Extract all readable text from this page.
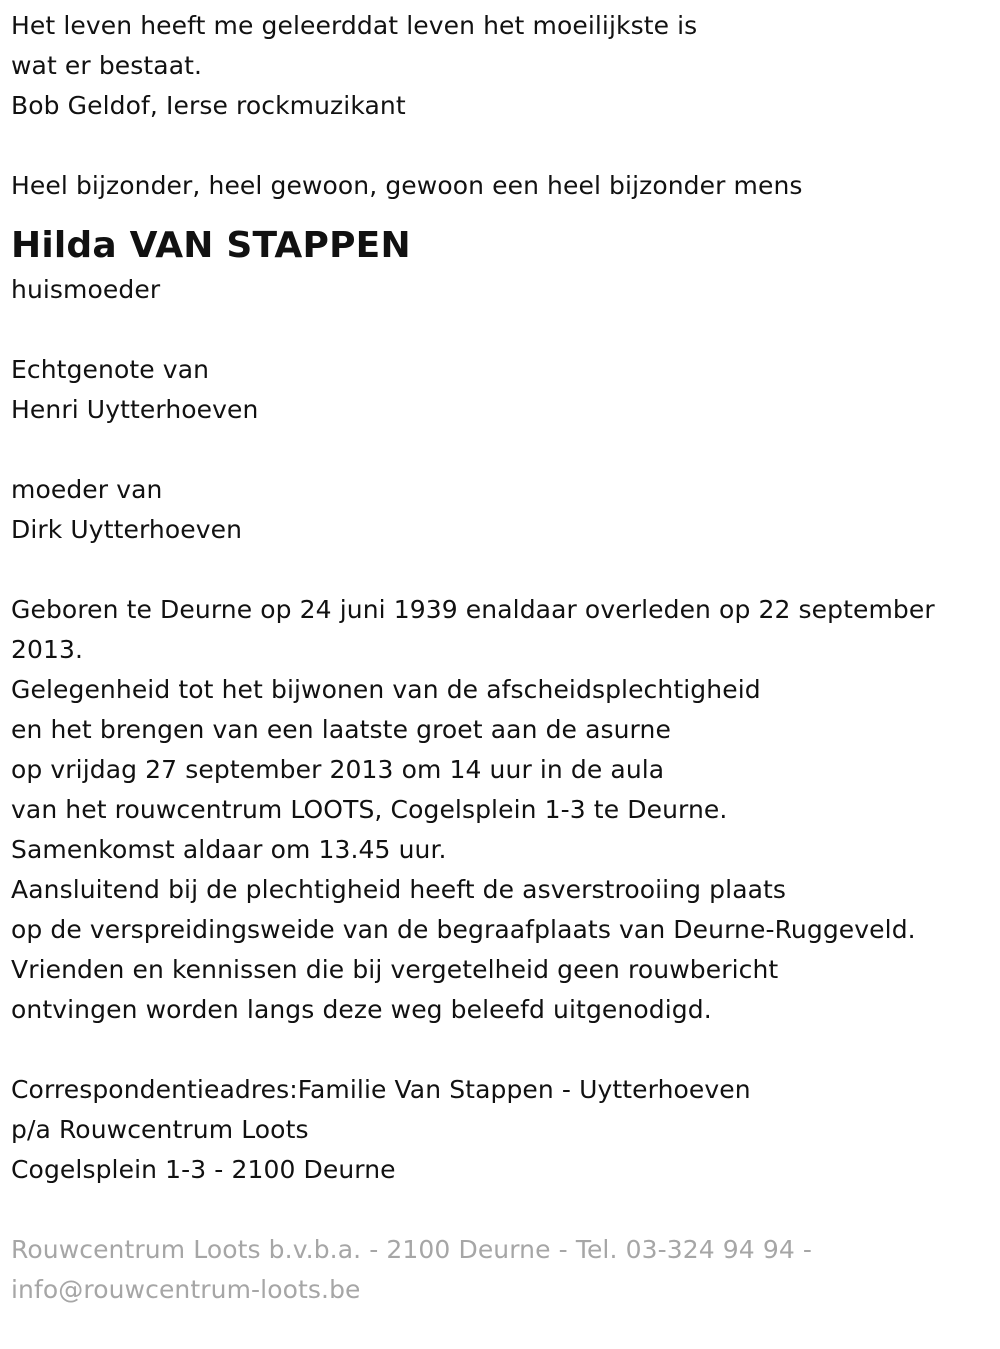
Het leven heeft me geleerddat leven het moeilijkste is
wat er bestaat.
Bob Geldof, Ierse rockmuzikant
Heel bijzonder, heel gewoon, gewoon een heel bijzonder mens
Hilda VAN STAPPEN
huismoeder
Echtgenote van
Henri Uytterhoeven
moeder van
Dirk Uytterhoeven
Geboren te Deurne op 24 juni 1939 enaldaar overleden op 22 september
2013.
Gelegenheid tot het bijwonen van de afscheidsplechtigheid
en het brengen van een laatste groet aan de asurne
op vrijdag 27 september 2013 om 14 uur in de aula
van het rouwcentrum LOOTS, Cogelsplein 1-3 te Deurne.
Samenkomst aldaar om 13.45 uur.
Aansluitend bij de plechtigheid heeft de asverstrooiing plaats
op de verspreidingsweide van de begraafplaats van Deurne-Ruggeveld.
Vrienden en kennissen die bij vergetelheid geen rouwbericht
ontvingen worden langs deze weg beleefd uitgenodigd.
Correspondentieadres:Familie Van Stappen - Uytterhoeven
p/a Rouwcentrum Loots
Cogelsplein 1-3 - 2100 Deurne
Rouwcentrum Loots b.v.b.a. - 2100 Deurne - Tel. 03-324 94 94 -
info@rouwcentrum-loots.be
